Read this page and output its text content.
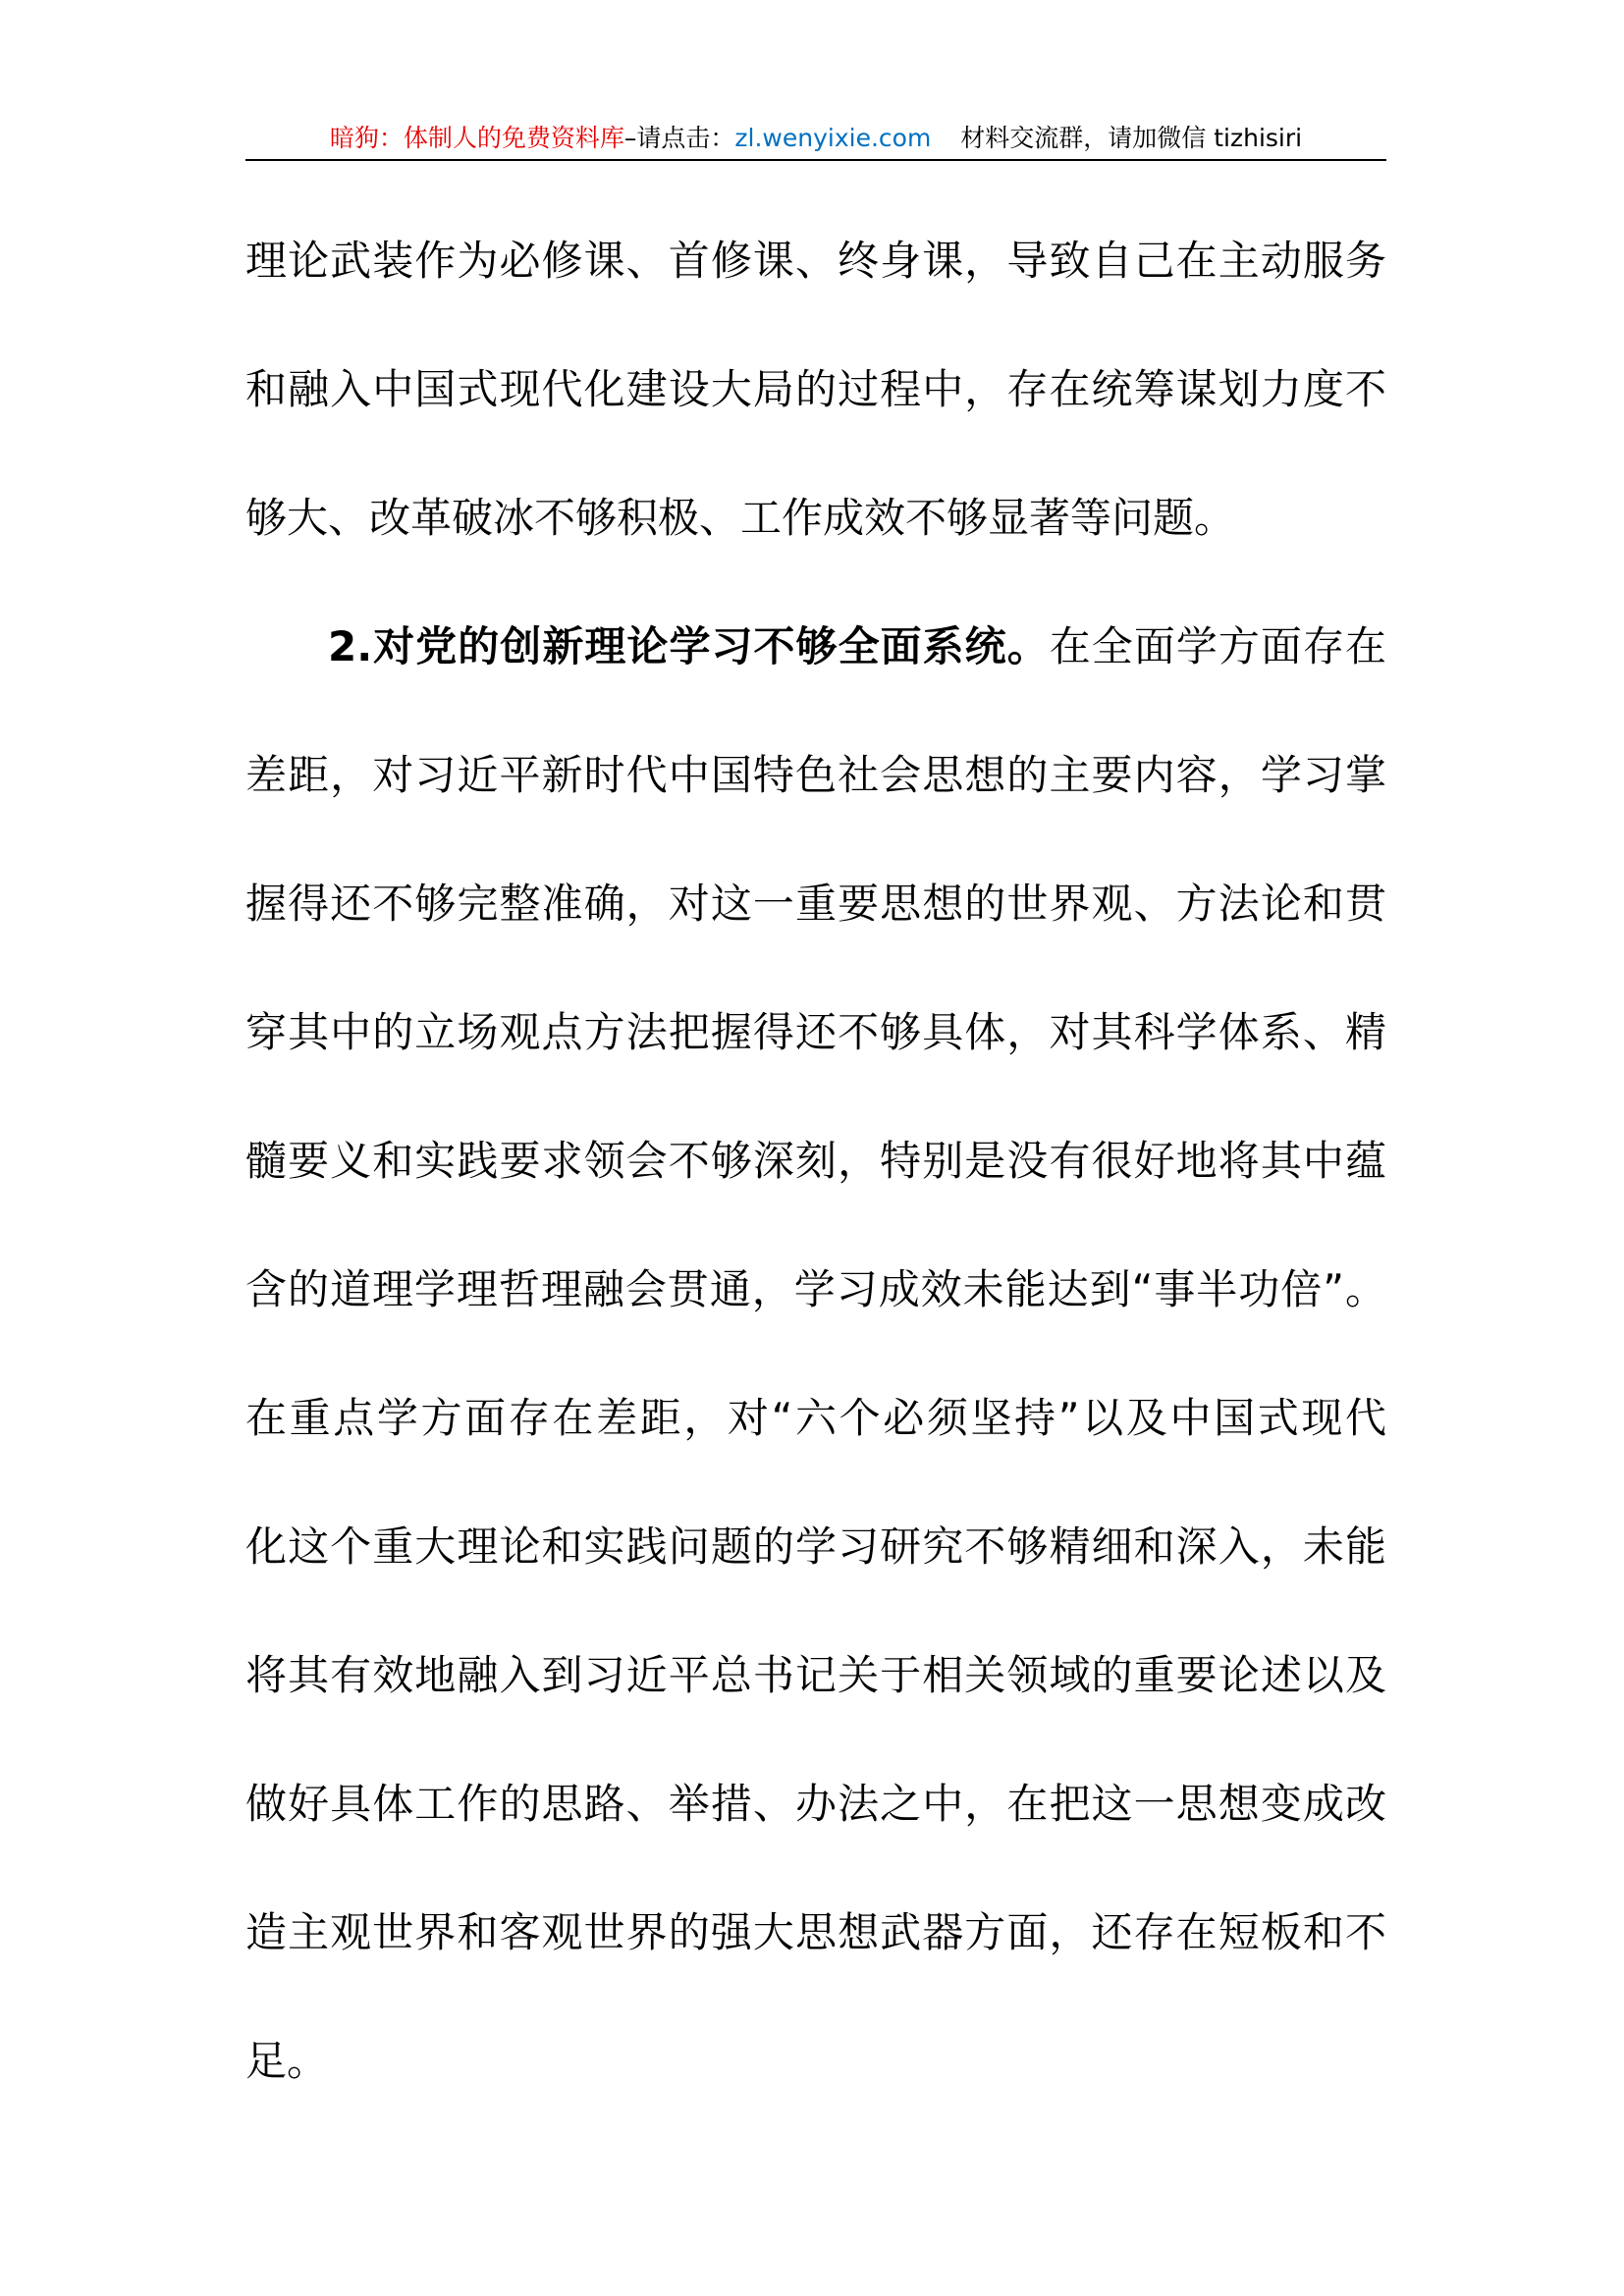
暗狗：体制人的免费资料库–请点击：zl.wenyixie.com 材料交流群，请加微信 tizhisiri
理论武装作为必修课、首修课、终身课，导致自己在主动服务
和融入中国式现代化建设大局的过程中，存在统筹谋划力度不
够大、改革破冰不够积极、工作成效不够显著等问题。
2.对党的创新理论学习不够全面系统。在全面学方面存在
差距，对习近平新时代中国特色社会思想的主要内容，学习掌
握得还不够完整准确，对这一重要思想的世界观、方法论和贯
穿其中的立场观点方法把握得还不够具体，对其科学体系、精
髓要义和实践要求领会不够深刻，特别是没有很好地将其中蕴
含的道理学理哲理融会贯通，学习成效未能达到“事半功倍”。
在重点学方面存在差距，对“六个必须坚持”以及中国式现代
化这个重大理论和实践问题的学习研究不够精细和深入，未能
将其有效地融入到习近平总书记关于相关领域的重要论述以及
做好具体工作的思路、举措、办法之中，在把这一思想变成改
造主观世界和客观世界的强大思想武器方面，还存在短板和不
足。
